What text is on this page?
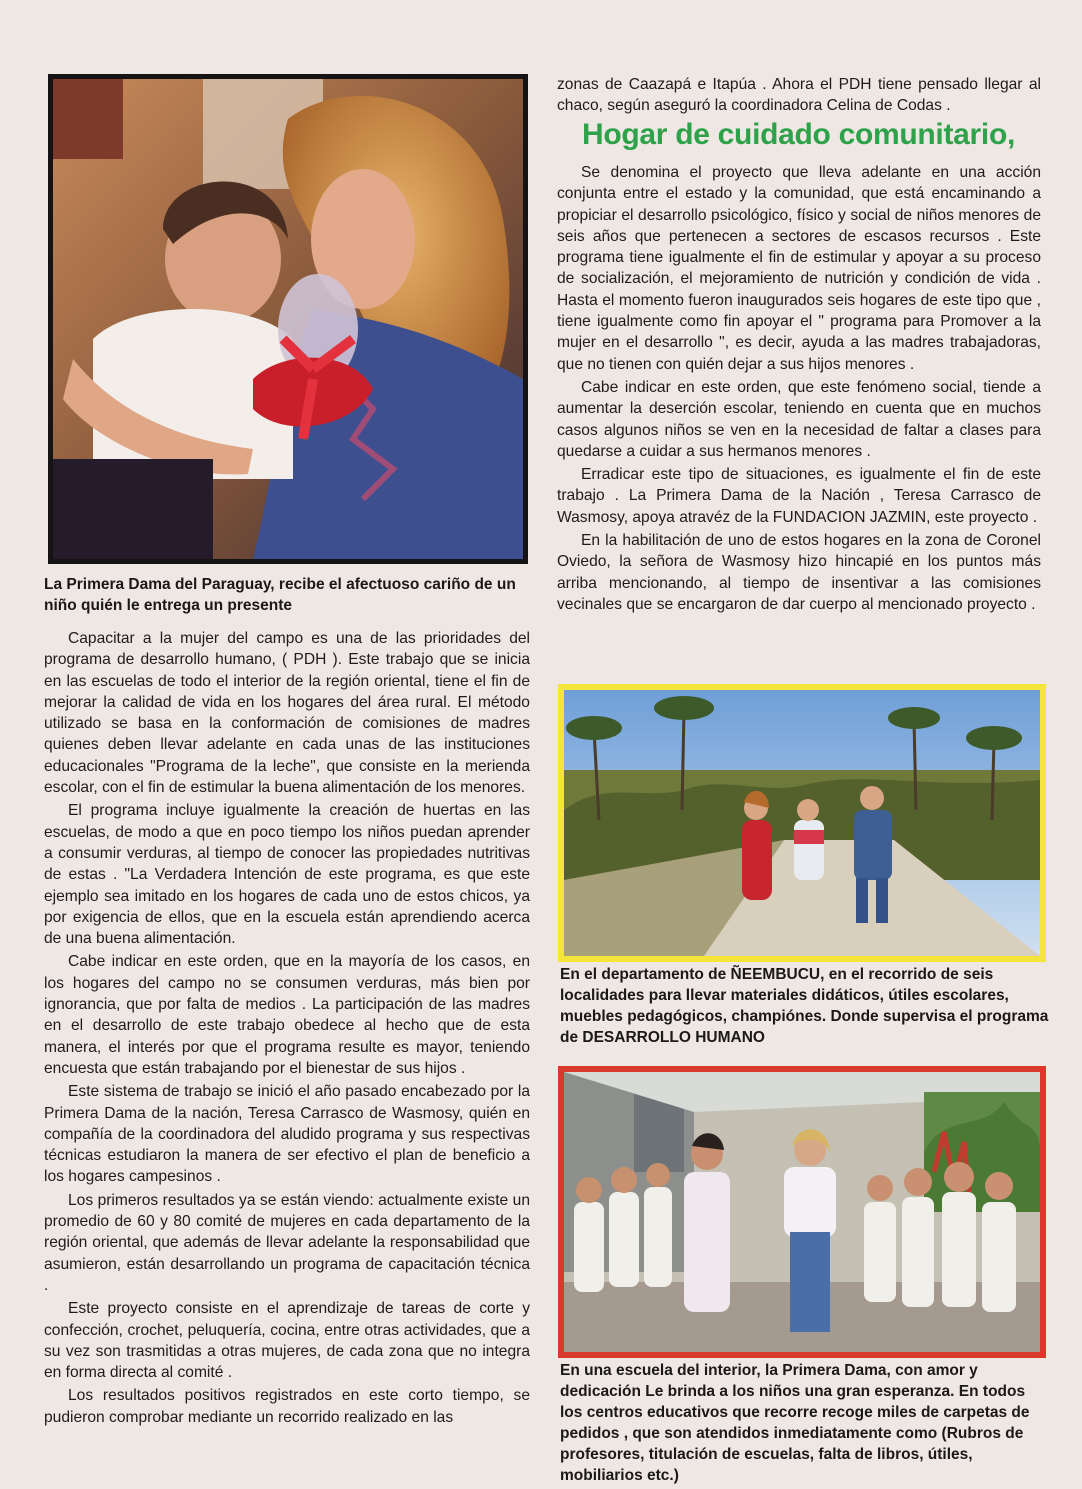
La Primera Dama del Paraguay, recibe el afectuoso cariño de un niño quién le entrega un presente

Capacitar a la mujer del campo es una de las prioridades del programa de desarrollo humano, ( PDH ). Este trabajo que se inicia en las escuelas de todo el interior de la región oriental, tiene el fin de mejorar la calidad de vida en los hogares del área rural. El método utilizado se basa en la conformación de comisiones de madres quienes deben llevar adelante en cada unas de las instituciones educacionales "Programa de la leche", que consiste en la merienda escolar, con el fin de estimular la buena alimentación de los menores.

El programa incluye igualmente la creación de huertas en las escuelas, de modo a que en poco tiempo los niños puedan aprender a consumir verduras, al tiempo de conocer las propiedades nutritivas de estas . "La Verdadera Intención de este programa, es que este ejemplo sea imitado en los hogares de cada uno de estos chicos, ya por exigencia de ellos, que en la escuela están aprendiendo acerca de una buena alimentación.

Cabe indicar en este orden, que en la mayoría de los casos, en los hogares del campo no se consumen verduras, más bien por ignorancia, que por falta de medios . La participación de las madres en el desarrollo de este trabajo obedece al hecho que de esta manera, el interés por que el programa resulte es mayor, teniendo encuesta que están trabajando por el bienestar de sus hijos .

Este sistema de trabajo se inició el año pasado encabezado por la Primera Dama de la nación, Teresa Carrasco de Wasmosy, quién en compañía de la coordinadora del aludido programa y sus respectivas técnicas estudiaron la manera de ser efectivo el plan de beneficio a los hogares campesinos .

Los primeros resultados ya se están viendo: actualmente existe un promedio de 60 y 80 comité de mujeres en cada departamento de la región oriental, que además de llevar adelante la responsabilidad que asumieron, están desarrollando un programa de capacitación técnica .

Este proyecto consiste en el aprendizaje de tareas de corte y confección, crochet, peluquería, cocina, entre otras actividades, que a su vez son trasmitidas a otras mujeres, de cada zona que no integra en forma directa al comité .

Los resultados positivos registrados en este corto tiempo, se pudieron comprobar mediante un recorrido realizado en las

zonas de Caazapá e Itapúa . Ahora el PDH tiene pensado llegar al chaco, según aseguró la coordinadora Celina de Codas .

Hogar de cuidado comunitario,

Se denomina el proyecto que lleva adelante en una acción conjunta entre el estado y la comunidad, que está encaminando a propiciar el desarrollo psicológico, físico y social de niños menores de seis años que pertenecen a sectores de escasos recursos . Este programa tiene igualmente el fin de estimular y apoyar a su proceso de socialización, el mejoramiento de nutrición y condición de vida . Hasta el momento fueron inaugurados seis hogares de este tipo que , tiene igualmente como fin apoyar el " programa para Promover a la mujer en el desarrollo ", es decir, ayuda a las madres trabajadoras, que no tienen con quién dejar a sus hijos menores .

Cabe indicar en este orden, que este fenómeno social, tiende a aumentar la deserción escolar, teniendo en cuenta que en muchos casos algunos niños se ven en la necesidad de faltar a clases para quedarse a cuidar a sus hermanos menores .

Erradicar este tipo de situaciones, es igualmente el fin de este trabajo . La Primera Dama de la Nación , Teresa Carrasco de Wasmosy, apoya atravéz de la FUNDACION JAZMIN, este proyecto .

En la habilitación de uno de estos hogares en la zona de Coronel Oviedo, la señora de Wasmosy hizo hincapié en los puntos más arriba mencionando, al tiempo de insentivar a las comisiones vecinales que se encargaron de dar cuerpo al mencionado proyecto .

En el departamento de ÑEEMBUCU, en el recorrido de seis localidades para llevar materiales didáticos, útiles escolares, muebles pedagógicos, champiónes. Donde supervisa el programa de DESARROLLO HUMANO

En una escuela del interior, la Primera Dama, con amor y dedicación Le brinda a los niños una gran esperanza. En todos los centros educativos que recorre recoge miles de carpetas de pedidos , que son atendidos inmediatamente como (Rubros de profesores, titulación de escuelas, falta de libros, útiles, mobiliarios etc.)
